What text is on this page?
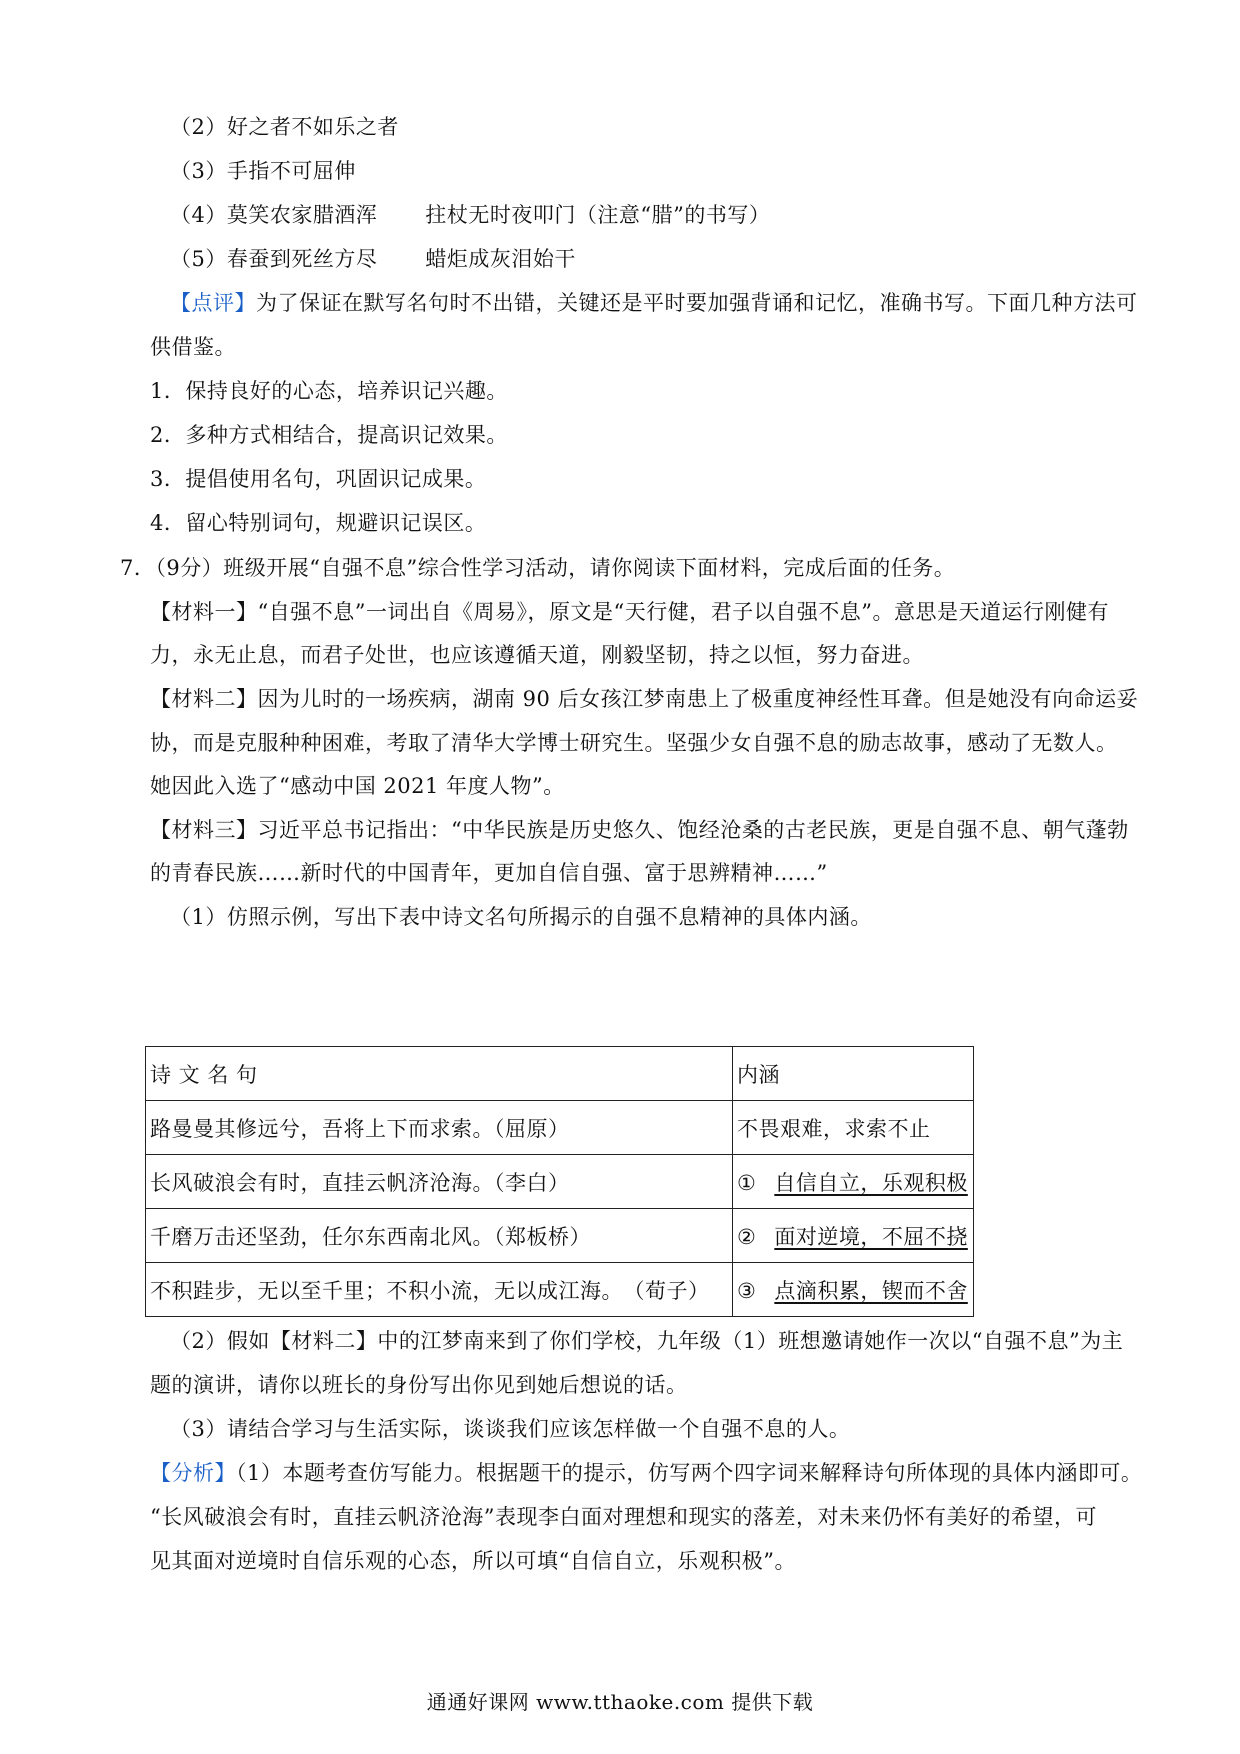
（2）好之者不如乐之者
（3）手指不可屈伸
（4）莫笑农家腊酒浑 拄杖无时夜叩门（注意“腊”的书写）
（5）春蚕到死丝方尽 蜡炬成灰泪始干
【点评】为了保证在默写名句时不出错，关键还是平时要加强背诵和记忆，准确书写。下面几种方法可
供借鉴。
1．保持良好的心态，培养识记兴趣。
2．多种方式相结合，提高识记效果。
3．提倡使用名句，巩固识记成果。
4．留心特别词句，规避识记误区。
7．（9分）班级开展“自强不息”综合性学习活动，请你阅读下面材料，完成后面的任务。
【材料一】“自强不息”一词出自《周易》，原文是“天行健，君子以自强不息”。意思是天道运行刚健有
力，永无止息，而君子处世，也应该遵循天道，刚毅坚韧，持之以恒，努力奋进。
【材料二】因为儿时的一场疾病，湖南 90 后女孩江梦南患上了极重度神经性耳聋。但是她没有向命运妥
协，而是克服种种困难，考取了清华大学博士研究生。坚强少女自强不息的励志故事，感动了无数人。
她因此入选了“感动中国 2021 年度人物”。
【材料三】习近平总书记指出：“中华民族是历史悠久、饱经沧桑的古老民族，更是自强不息、朝气蓬勃
的青春民族……新时代的中国青年，更加自信自强、富于思辨精神……”
（1）仿照示例，写出下表中诗文名句所揭示的自强不息精神的具体内涵。
诗 文 名 句	内涵
路曼曼其修远兮，吾将上下而求索。（屈原）	不畏艰难，求索不止
长风破浪会有时，直挂云帆济沧海。（李白）	① 自信自立，乐观积极
千磨万击还坚劲，任尔东西南北风。（郑板桥）	② 面对逆境，不屈不挠
不积跬步，无以至千里；不积小流，无以成江海。　（荀子）	③ 点滴积累，锲而不舍
（2）假如【材料二】中的江梦南来到了你们学校，九年级（1）班想邀请她作一次以“自强不息”为主
题的演讲，请你以班长的身份写出你见到她后想说的话。
（3）请结合学习与生活实际，谈谈我们应该怎样做一个自强不息的人。
【分析】（1）本题考查仿写能力。根据题干的提示，仿写两个四字词来解释诗句所体现的具体内涵即可。
“长风破浪会有时，直挂云帆济沧海”表现李白面对理想和现实的落差，对未来仍怀有美好的希望，可
见其面对逆境时自信乐观的心态，所以可填“自信自立，乐观积极”。
通通好课网 www.tthaoke.com 提供下载
